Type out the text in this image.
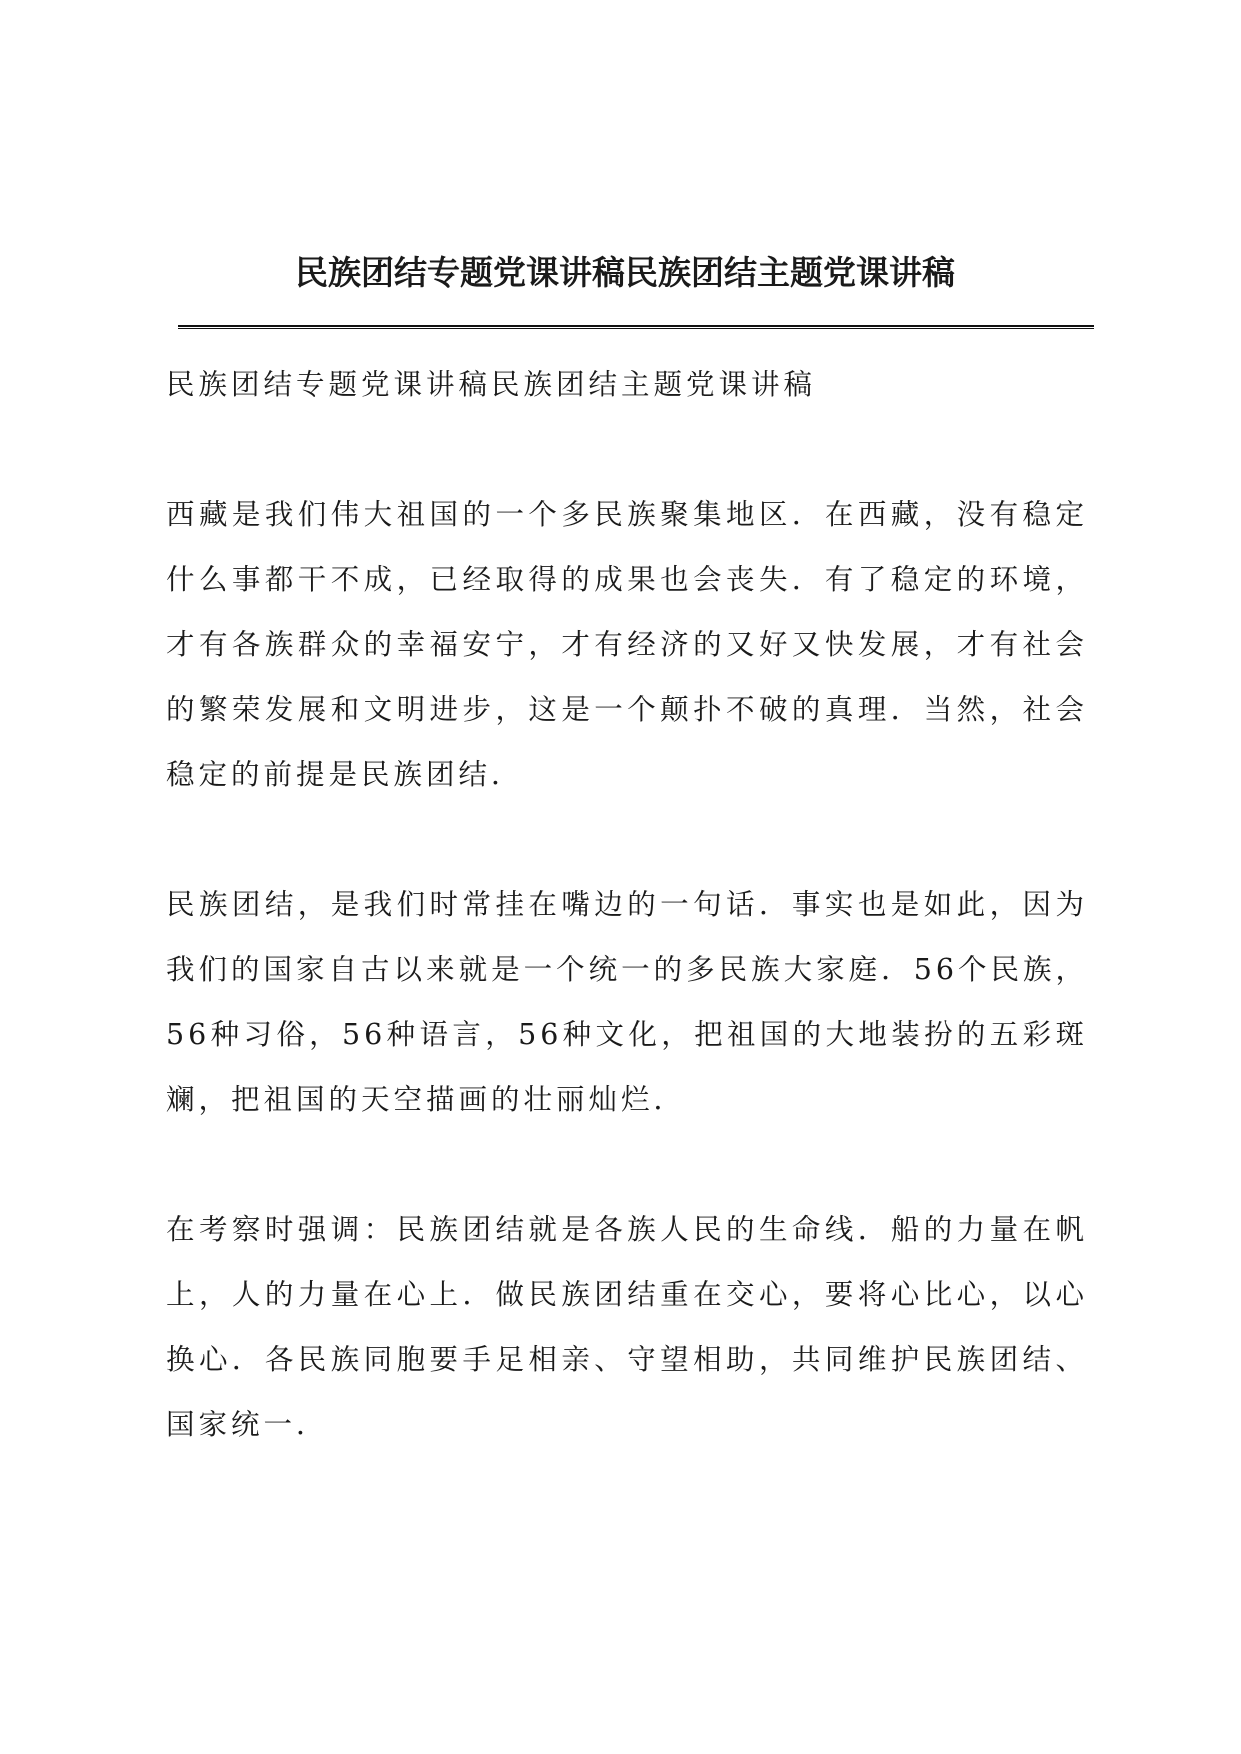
民族团结专题党课讲稿民族团结主题党课讲稿

民族团结专题党课讲稿民族团结主题党课讲稿

西藏是我们伟大祖国的一个多民族聚集地区．在西藏，没有稳定什么事都干不成，已经取得的成果也会丧失．有了稳定的环境，才有各族群众的幸福安宁，才有经济的又好又快发展，才有社会的繁荣发展和文明进步，这是一个颠扑不破的真理．当然，社会稳定的前提是民族团结．

民族团结，是我们时常挂在嘴边的一句话．事实也是如此，因为我们的国家自古以来就是一个统一的多民族大家庭．56个民族，56种习俗，56种语言，56种文化，把祖国的大地装扮的五彩斑斓，把祖国的天空描画的壮丽灿烂．

在考察时强调：民族团结就是各族人民的生命线．船的力量在帆上，人的力量在心上．做民族团结重在交心，要将心比心，以心换心．各民族同胞要手足相亲、守望相助，共同维护民族团结、国家统一．
